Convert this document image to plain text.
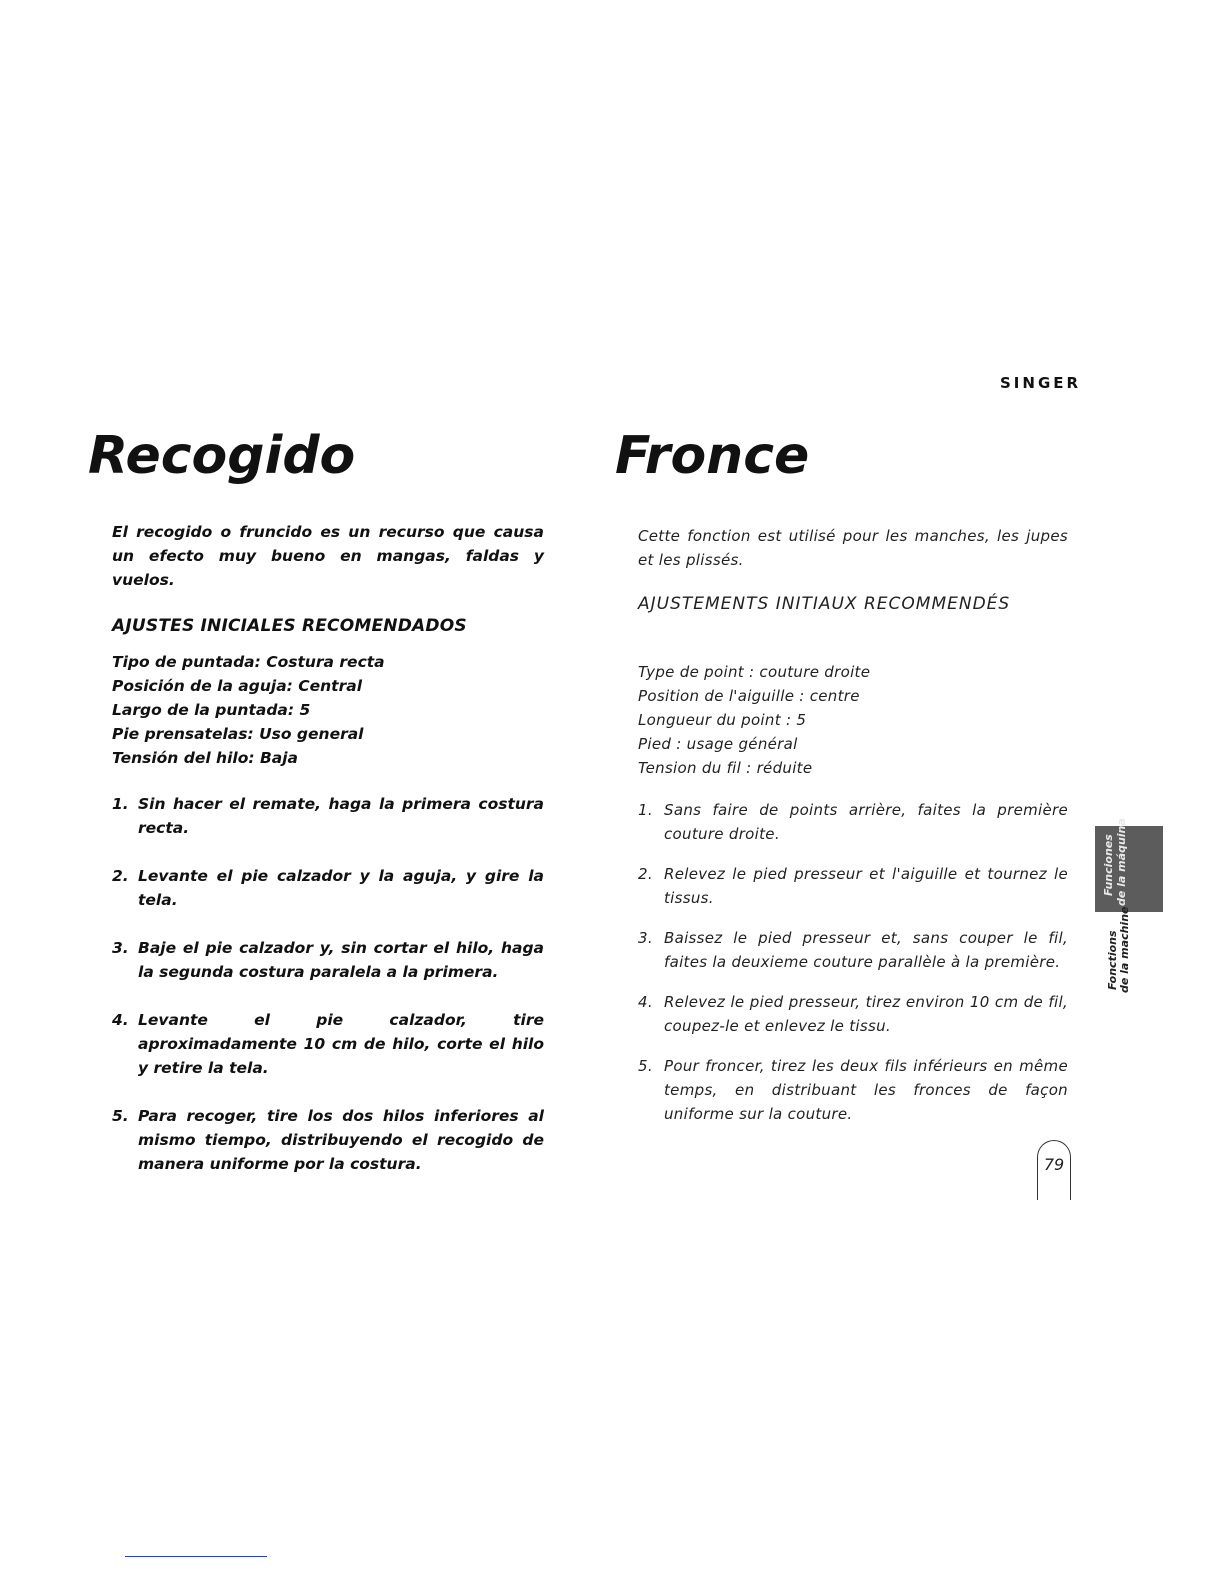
SINGER
Recogido	Fronce

El recogido o fruncido es un recurso que causa un efecto muy bueno en mangas, faldas y vuelos.

AJUSTES INICIALES RECOMENDADOS

Tipo de puntada: Costura recta
Posición de la aguja: Central
Largo de la puntada: 5
Pie prensatelas: Uso general
Tensión del hilo: Baja
1. Sin hacer el remate, haga la primera costura recta.
2. Levante el pie calzador y la aguja, y gire la tela.
3. Baje el pie calzador y, sin cortar el hilo, haga la segunda costura paralela a la primera.
4. Levante el pie calzador, tire aproximadamente 10 cm de hilo, corte el hilo y retire la tela.
5. Para recoger, tire los dos hilos inferiores al mismo tiempo, distribuyendo el recogido de manera uniforme por la costura.

Cette fonction est utilisé pour les manches, les jupes et les plissés.

AJUSTEMENTS INITIAUX RECOMMENDÉS

Type de point : couture droite
Position de l'aiguille : centre
Longueur du point : 5
Pied : usage général
Tension du fil : réduite
1. Sans faire de points arrière, faites la première couture droite.
2. Relevez le pied presseur et l'aiguille et tournez le tissus.
3. Baissez le pied presseur et, sans couper le fil, faites la deuxieme couture parallèle à la première.
4. Relevez le pied presseur, tirez environ 10 cm de fil, coupez-le et enlevez le tissu.
5. Pour froncer, tirez les deux fils inférieurs en même temps, en distribuant les fronces de façon uniforme sur la couture.
Funciones de la máquina
Fonctions de la machine
79
